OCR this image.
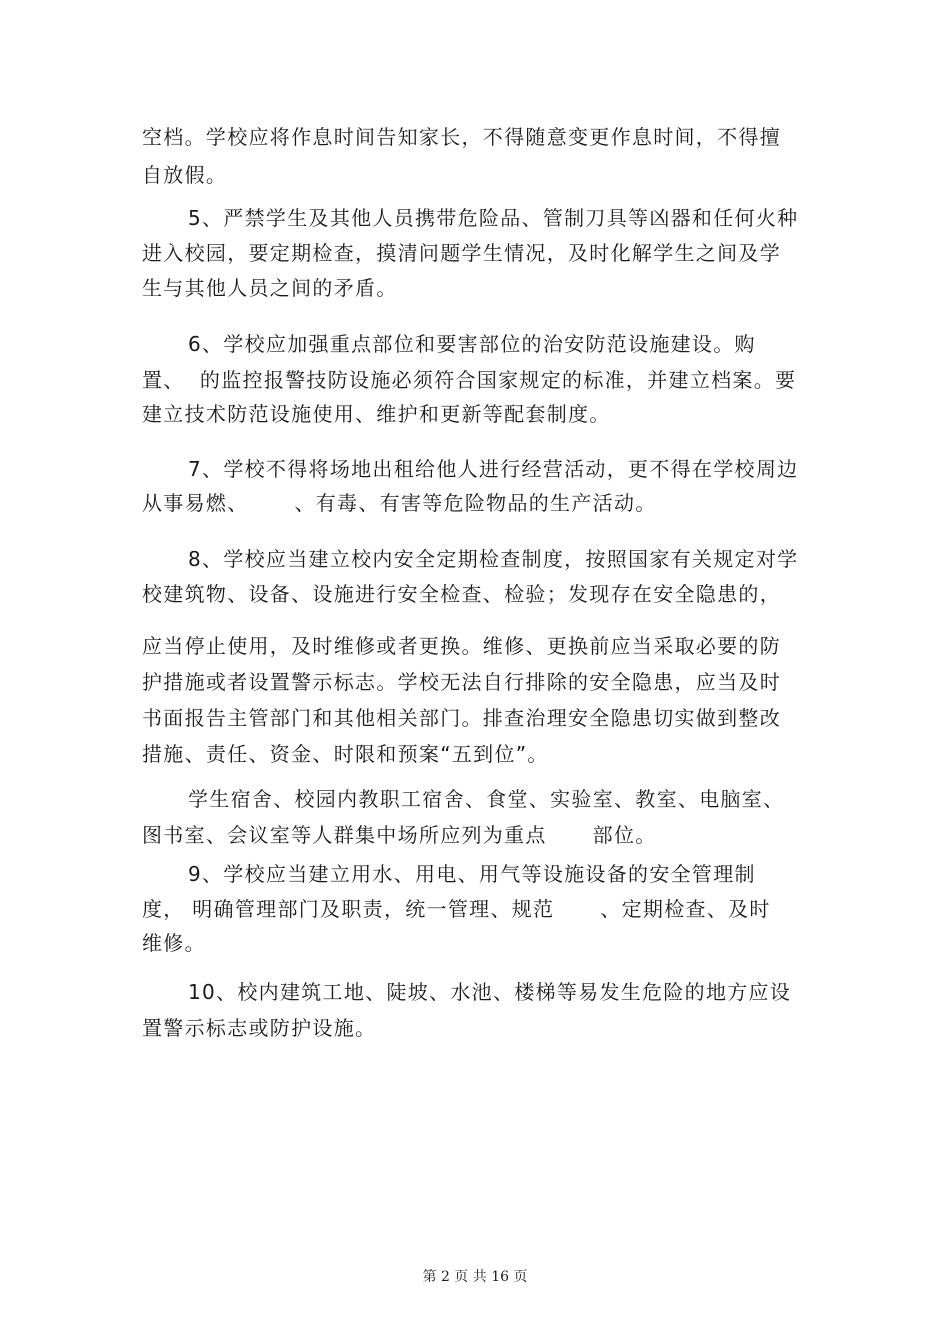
空档。学校应将作息时间告知家长，不得随意变更作息时间，不得擅
自放假。
5、严禁学生及其他人员携带危险品、管制刀具等凶器和任何火种
进入校园，要定期检查，摸清问题学生情况，及时化解学生之间及学
生与其他人员之间的矛盾。
6、学校应加强重点部位和要害部位的治安防范设施建设。购
置、  的监控报警技防设施必须符合国家规定的标准，并建立档案。要
建立技术防范设施使用、维护和更新等配套制度。
7、学校不得将场地出租给他人进行经营活动，更不得在学校周边
从事易燃、      、有毒、有害等危险物品的生产活动。
8、学校应当建立校内安全定期检查制度，按照国家有关规定对学
校建筑物、设备、设施进行安全检查、检验；发现存在安全隐患的，
应当停止使用，及时维修或者更换。维修、更换前应当采取必要的防
护措施或者设置警示标志。学校无法自行排除的安全隐患，应当及时
书面报告主管部门和其他相关部门。排查治理安全隐患切实做到整改
措施、责任、资金、时限和预案“五到位”。
学生宿舍、校园内教职工宿舍、食堂、实验室、教室、电脑室、
图书室、会议室等人群集中场所应列为重点      部位。
9、学校应当建立用水、用电、用气等设施设备的安全管理制
度， 明确管理部门及职责，统一管理、规范      、定期检查、及时
维修。
10、校内建筑工地、陡坡、水池、楼梯等易发生危险的地方应设
置警示标志或防护设施。
第 2 页 共 16 页
